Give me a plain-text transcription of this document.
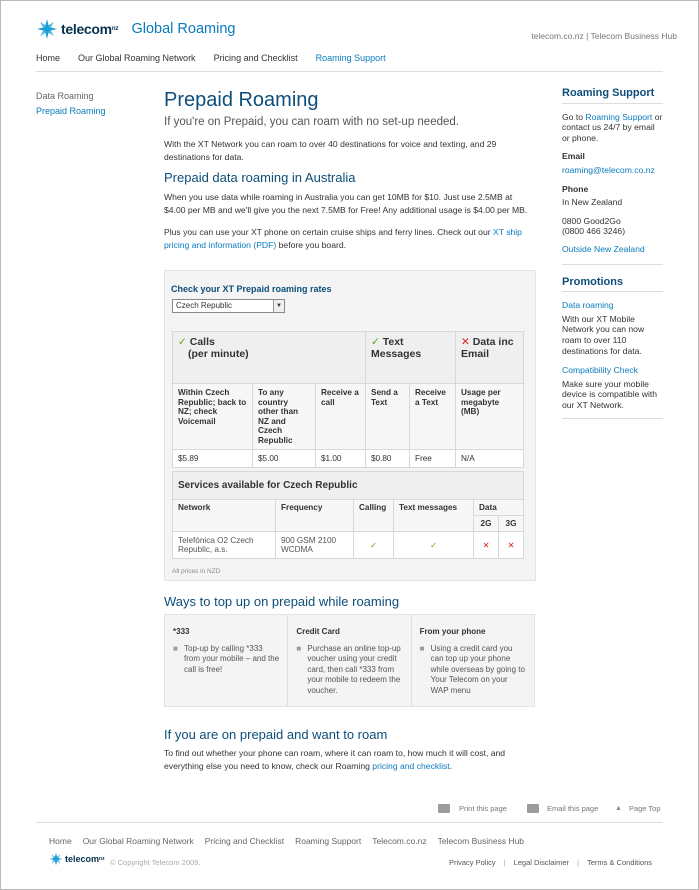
telecom nz Global Roaming	telecom.co.nz | Telecom Business Hub
Home Our Global Roaming Network Pricing and Checklist Roaming Support
Data Roaming
Prepaid Roaming	Prepaid Roaming
If you're on Prepaid, you can roam with no set-up needed.

With the XT Network you can roam to over 40 destinations for voice and texting, and 29 destinations for data.

Prepaid data roaming in Australia

When you use data while roaming in Australia you can get 10MB for $10. Just use 2.5MB at $4.00 per MB and we'll give you the next 7.5MB for Free! Any additional usage is $4.00 per MB.

Plus you can use your XT phone on certain cruise ships and ferry lines. Check out our XT ship pricing and information (PDF) before you board.

Check your XT Prepaid roaming rates
Czech Republic	▼
✓ Calls
(per minute)			✓ Text Messages		✕ Data inc Email
Within Czech Republic; back to NZ; check Voicemail	To any country other than NZ and Czech Republic	Receive a call	Send a Text	Receive a Text	Usage per megabyte (MB)
$5.89	$5.00	$1.00	$0.80	Free	N/A
Services available for Czech Republic					
Network	Frequency	Calling	Text messages	Data	
				2G	3G
Telefónica O2 Czech Republic, a.s.	900 GSM 2100 WCDMA	✓	✓	✕	✕
All prices in NZD
Ways to top up on prepaid while roaming
*333
■ Top-up by calling *333 from your mobile – and the call is free!
Credit Card
■ Purchase an online top-up voucher using your credit card, then call *333 from your mobile to redeem the voucher.
From your phone
■ Using a credit card you can top up your phone while overseas by going to Your Telecom on your WAP menu
If you are on prepaid and want to roam
To find out whether your phone can roam, where it can roam to, how much it will cost, and everything else you need to know, check our Roaming pricing and checklist.
Print this page	Email this page ▲ Page Top
Home Our Global Roaming Network Pricing and Checklist Roaming Support Telecom.co.nz Telecom Business Hub
telecom nz © Copyright Telecom 2009.	Privacy Policy | Legal Disclaimer | Terms & Conditions
Roaming Support
Go to Roaming Support or contact us 24/7 by email or phone.
Email
roaming@telecom.co.nz
Phone
In New Zealand
0800 Good2Go
(0800 466 3246)
Outside New Zealand
Promotions
Data roaming
With our XT Mobile Network you can now roam to over 110 destinations for data.
Compatibility Check
Make sure your mobile device is compatible with our XT Network.
